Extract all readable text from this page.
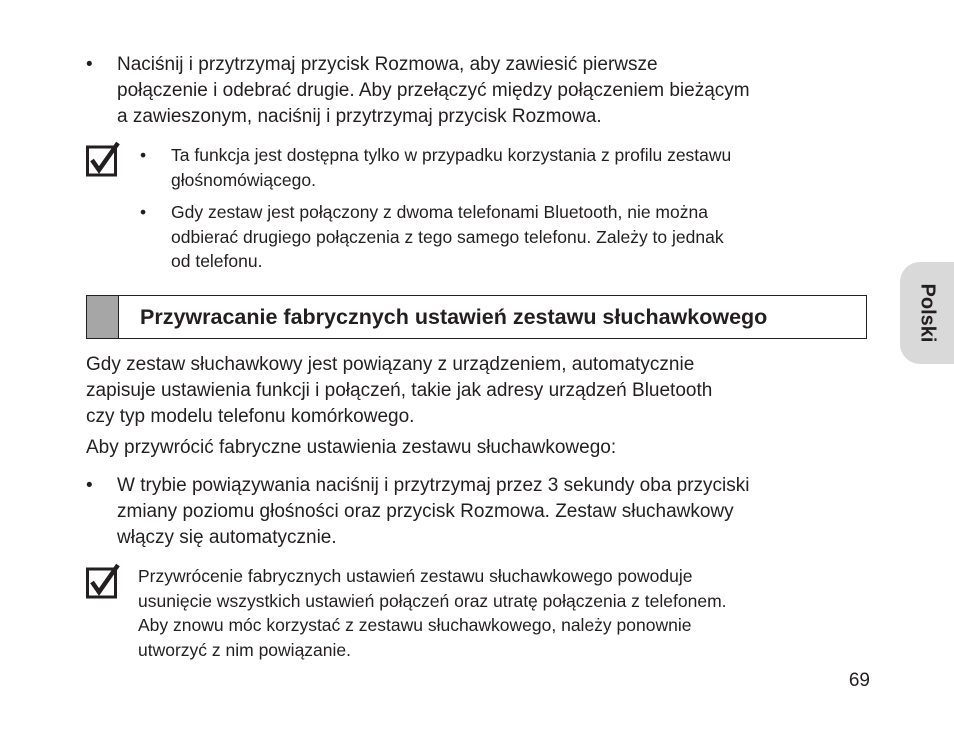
•	Naciśnij i przytrzymaj przycisk Rozmowa, aby zawiesić pierwsze
połączenie i odebrać drugie. Aby przełączyć między połączeniem bieżącym
a zawieszonym, naciśnij i przytrzymaj przycisk Rozmowa.
•	Ta funkcja jest dostępna tylko w przypadku korzystania z profilu zestawu
głośnomówiącego.
•	Gdy zestaw jest połączony z dwoma telefonami Bluetooth, nie można
odbierać drugiego połączenia z tego samego telefonu. Zależy to jednak
od telefonu.
Przywracanie fabrycznych ustawień zestawu słuchawkowego
Gdy zestaw słuchawkowy jest powiązany z urządzeniem, automatycznie
zapisuje ustawienia funkcji i połączeń, takie jak adresy urządzeń Bluetooth
czy typ modelu telefonu komórkowego.
Aby przywrócić fabryczne ustawienia zestawu słuchawkowego:
•	W trybie powiązywania naciśnij i przytrzymaj przez 3 sekundy oba przyciski
zmiany poziomu głośności oraz przycisk Rozmowa. Zestaw słuchawkowy
włączy się automatycznie.
Przywrócenie fabrycznych ustawień zestawu słuchawkowego powoduje
usunięcie wszystkich ustawień połączeń oraz utratę połączenia z telefonem.
Aby znowu móc korzystać z zestawu słuchawkowego, należy ponownie
utworzyć z nim powiązanie.
Polski
69
